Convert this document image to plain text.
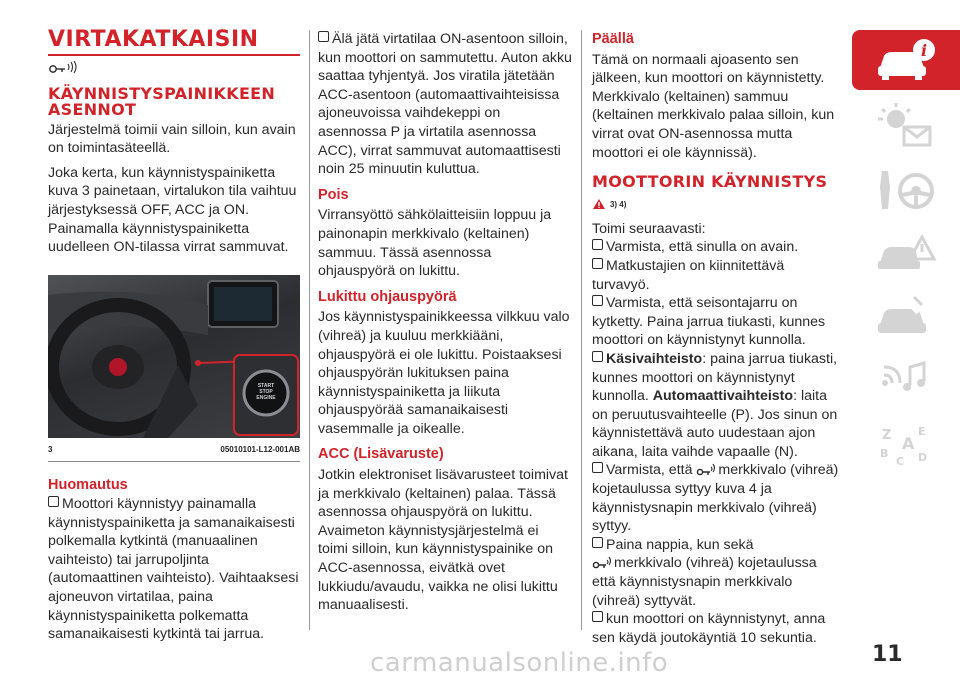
VIRTAKATKAISIN
KÄYNNISTYSPAINIKKEEN ASENNOT

Järjestelmä toimii vain silloin, kun avain on toimintasäteellä.

Joka kerta, kun käynnistyspainiketta kuva 3 painetaan, virtalukon tila vaihtuu järjestyksessä OFF, ACC ja ON. Painamalla käynnistyspainiketta uudelleen ON-tilassa virrat sammuvat.

START STOP ENGINE
3	05010101-L12-001AB
Huomautus

Moottori käynnistyy painamalla käynnistyspainiketta ja samanaikaisesti polkemalla kytkintä (manuaalinen vaihteisto) tai jarrupoljinta (automaattinen vaihteisto). Vaihtaaksesi ajoneuvon virtatilaa, paina käynnistyspainiketta polkematta samanaikaisesti kytkintä tai jarrua.

Älä jätä virtatilaa ON-asentoon silloin, kun moottori on sammutettu. Auton akku saattaa tyhjentyä. Jos viratila jätetään ACC-asentoon (automaattivaihteisissa ajoneuvoissa vaihdekeppi on asennossa P ja virtatila asennossa ACC), virrat sammuvat automaattisesti noin 25 minuutin kuluttua.

Pois

Virransyöttö sähkölaitteisiin loppuu ja painonapin merkkivalo (keltainen) sammuu. Tässä asennossa ohjauspyörä on lukittu.

Lukittu ohjauspyörä

Jos käynnistyspainikkeessa vilkkuu valo (vihreä) ja kuuluu merkkiääni, ohjauspyörä ei ole lukittu. Poistaaksesi ohjauspyörän lukituksen paina käynnistyspainiketta ja liikuta ohjauspyörää samanaikaisesti vasemmalle ja oikealle.

ACC (Lisävaruste)

Jotkin elektroniset lisävarusteet toimivat ja merkkivalo (keltainen) palaa. Tässä asennossa ohjauspyörä on lukittu. Avaimeton käynnistysjärjestelmä ei toimi silloin, kun käynnistyspainike on ACC-asennossa, eivätkä ovet lukkiudu/avaudu, vaikka ne olisi lukittu manuaalisesti.

Päällä

Tämä on normaali ajoasento sen jälkeen, kun moottori on käynnistetty. Merkkivalo (keltainen) sammuu (keltainen merkkivalo palaa silloin, kun virrat ovat ON-asennossa mutta moottori ei ole käynnissä).

MOOTTORIN KÄYNNISTYS
$^{3) 4)}$

Toimi seuraavasti:

Varmista, että sinulla on avain.

Matkustajien on kiinnitettävä turvavyö.

Varmista, että seisontajarru on kytketty. Paina jarrua tiukasti, kunnes moottori on käynnistynyt kunnolla.

Käsivaihteisto: paina jarrua tiukasti, kunnes moottori on käynnistynyt kunnolla. Automaattivaihteisto: laita on peruutusvaihteelle (P). Jos sinun on käynnistettävä auto uudestaan ajon aikana, laita vaihde vapaalle (N).

Varmista, että merkkivalo (vihreä) kojetaulussa syttyy kuva 4 ja käynnistysnapin merkkivalo (vihreä) syttyy.

Paina nappia, kun sekä
merkkivalo (vihreä) kojetaulussa että käynnistysnapin merkkivalo (vihreä) syttyvät.

kun moottori on käynnistynyt, anna sen käydä joutokäyntiä 10 sekuntia.

i
Z E
A
B
C D
11
carmanualsonline.info
